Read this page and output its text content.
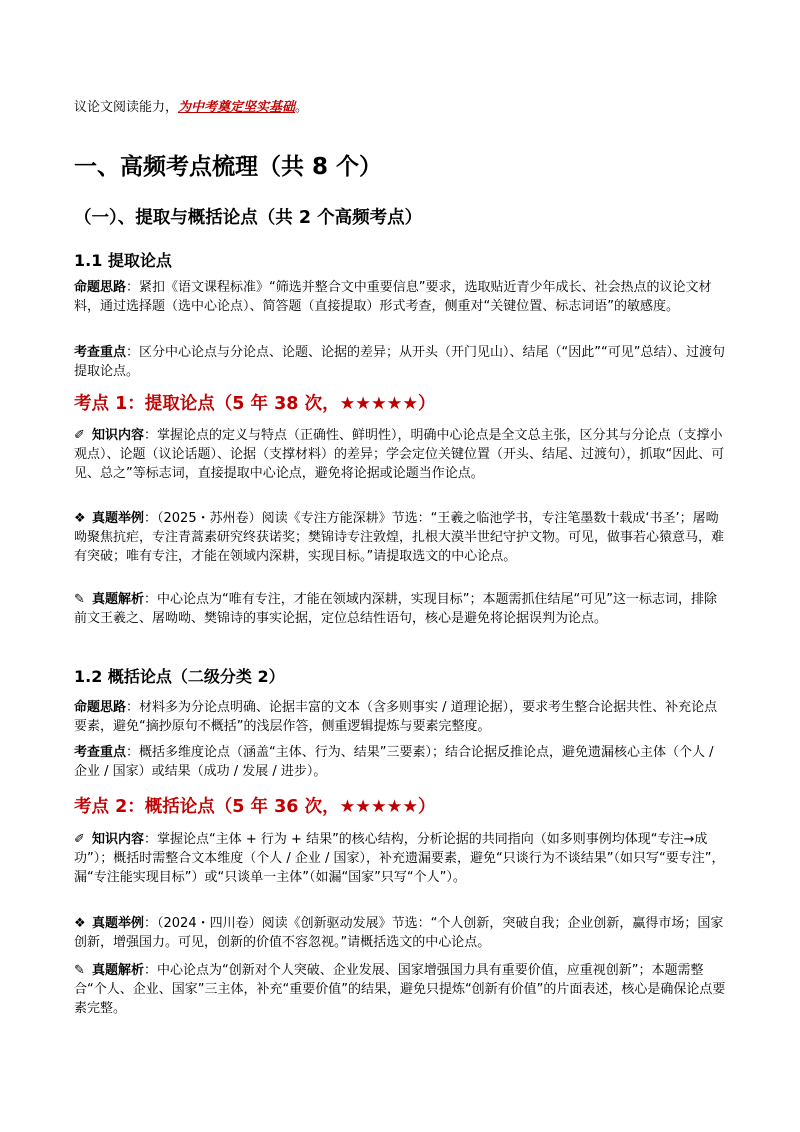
议论文阅读能力，为中考奠定坚实基础。
一、高频考点梳理（共 8 个）
（一）、提取与概括论点（共 2 个高频考点）
1.1 提取论点
命题思路：紧扣《语文课程标准》“筛选并整合文中重要信息”要求，选取贴近青少年成长、社会热点的议论文材料，通过选择题（选中心论点）、简答题（直接提取）形式考查，侧重对“关键位置、标志词语”的敏感度。
考查重点：区分中心论点与分论点、论题、论据的差异；从开头（开门见山）、结尾（“因此”“可见”总结）、过渡句提取论点。
考点 1：提取论点（5 年 38 次，★★★★★）
✐ 知识内容：掌握论点的定义与特点（正确性、鲜明性），明确中心论点是全文总主张，区分其与分论点（支撑小观点）、论题（议论话题）、论据（支撑材料）的差异；学会定位关键位置（开头、结尾、过渡句），抓取“因此、可见、总之”等标志词，直接提取中心论点，避免将论据或论题当作论点。
❖ 真题举例：（2025・苏州卷）阅读《专注方能深耕》节选：“王羲之临池学书，专注笔墨数十载成‘书圣’；屠呦呦聚焦抗疟，专注青蒿素研究终获诺奖；樊锦诗专注敦煌，扎根大漠半世纪守护文物。可见，做事若心猿意马，难有突破；唯有专注，才能在领域内深耕，实现目标。”请提取选文的中心论点。
✎ 真题解析：中心论点为“唯有专注，才能在领域内深耕，实现目标”；本题需抓住结尾“可见”这一标志词，排除前文王羲之、屠呦呦、樊锦诗的事实论据，定位总结性语句，核心是避免将论据误判为论点。
1.2 概括论点（二级分类 2）
命题思路：材料多为分论点明确、论据丰富的文本（含多则事实 / 道理论据），要求考生整合论据共性、补充论点要素，避免“摘抄原句不概括”的浅层作答，侧重逻辑提炼与要素完整度。
考查重点：概括多维度论点（涵盖“主体、行为、结果”三要素）；结合论据反推论点，避免遗漏核心主体（个人 / 企业 / 国家）或结果（成功 / 发展 / 进步）。
考点 2：概括论点（5 年 36 次，★★★★★）
✐ 知识内容：掌握论点“主体 + 行为 + 结果”的核心结构，分析论据的共同指向（如多则事例均体现“专注→成功”）；概括时需整合文本维度（个人 / 企业 / 国家），补充遗漏要素，避免“只谈行为不谈结果”（如只写“要专注”，漏“专注能实现目标”）或“只谈单一主体”（如漏“国家”只写“个人”）。
❖ 真题举例：（2024・四川卷）阅读《创新驱动发展》节选：“个人创新，突破自我；企业创新，赢得市场；国家创新，增强国力。可见，创新的价值不容忽视。”请概括选文的中心论点。
✎ 真题解析：中心论点为“创新对个人突破、企业发展、国家增强国力具有重要价值，应重视创新”；本题需整合“个人、企业、国家”三主体，补充“重要价值”的结果，避免只提炼“创新有价值”的片面表述，核心是确保论点要素完整。
